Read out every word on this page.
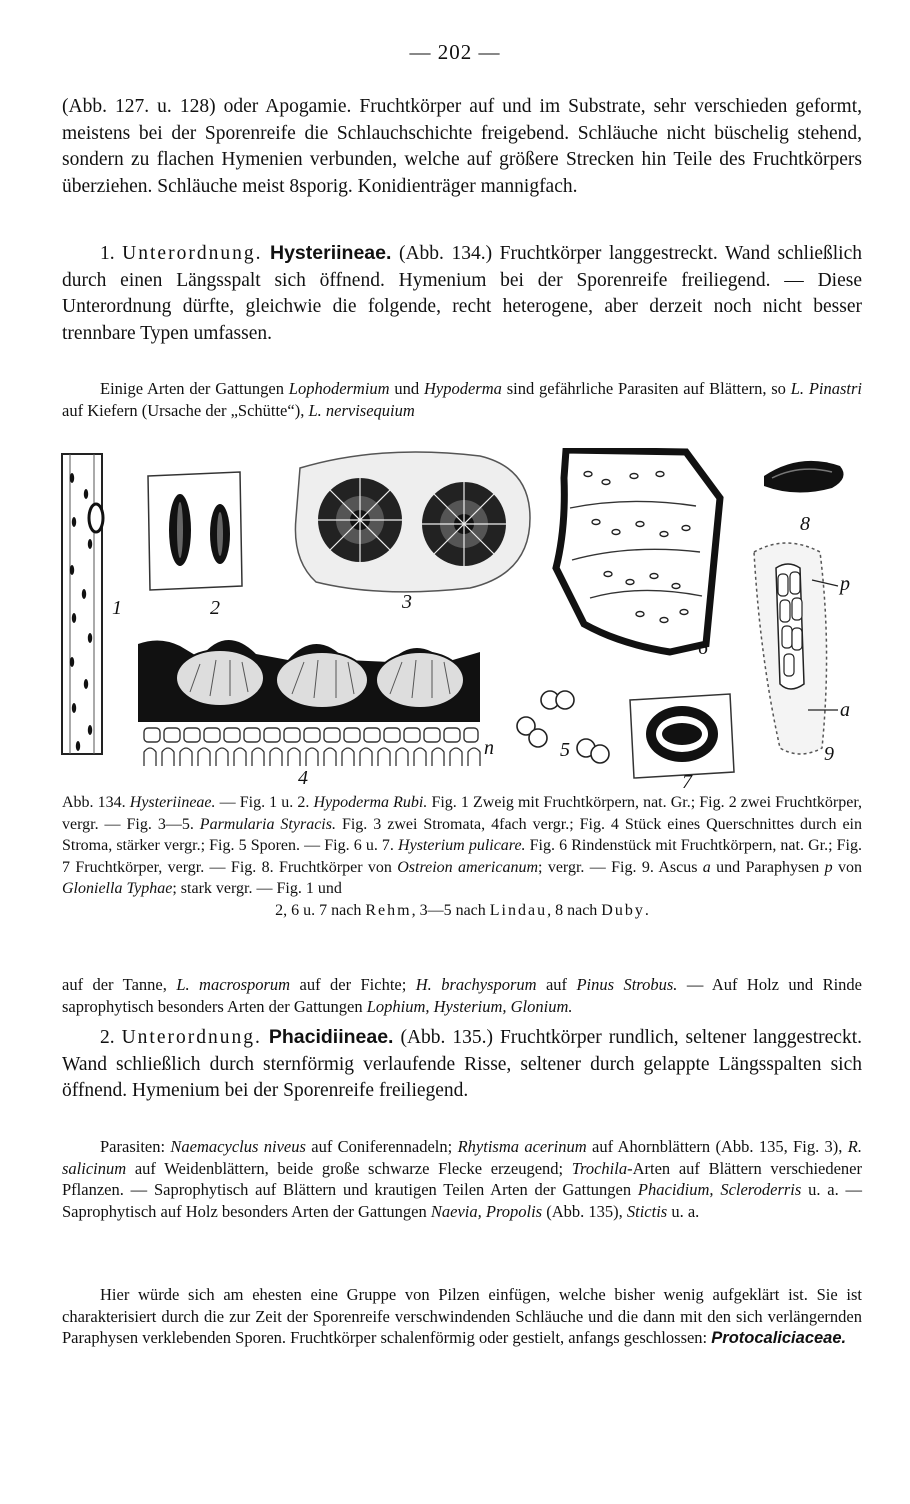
— 202 —

(Abb. 127. u. 128) oder Apogamie. Fruchtkörper auf und im Substrate, sehr verschieden geformt, meistens bei der Sporenreife die Schlauchschichte freigebend. Schläuche nicht büschelig stehend, sondern zu flachen Hymenien verbunden, welche auf größere Strecken hin Teile des Fruchtkörpers überziehen. Schläuche meist 8sporig. Konidienträger mannigfach.

1. Unterordnung. Hysteriineae. (Abb. 134.) Fruchtkörper langgestreckt. Wand schließlich durch einen Längsspalt sich öffnend. Hymenium bei der Sporenreife freiliegend. — Diese Unterordnung dürfte, gleichwie die folgende, recht heterogene, aber derzeit noch nicht besser trennbare Typen umfassen.

Einige Arten der Gattungen Lophodermium und Hypoderma sind gefährliche Parasiten auf Blättern, so L. Pinastri auf Kiefern (Ursache der „Schütte“), L. nervisequium

1	2	3
n
4
5
6
7
8
p
a
9

Abb. 134. Hysteriineae. — Fig. 1 u. 2. Hypoderma Rubi. Fig. 1 Zweig mit Fruchtkörpern, nat. Gr.; Fig. 2 zwei Fruchtkörper, vergr. — Fig. 3—5. Parmularia Styracis. Fig. 3 zwei Stromata, 4fach vergr.; Fig. 4 Stück eines Querschnittes durch ein Stroma, stärker vergr.; Fig. 5 Sporen. — Fig. 6 u. 7. Hysterium pulicare. Fig. 6 Rindenstück mit Fruchtkörpern, nat. Gr.; Fig. 7 Fruchtkörper, vergr. — Fig. 8. Fruchtkörper von Ostreion americanum; vergr. — Fig. 9. Ascus a und Paraphysen p von Gloniella Typhae; stark vergr. — Fig. 1 und

2, 6 u. 7 nach Rehm, 3—5 nach Lindau, 8 nach Duby.

auf der Tanne, L. macrosporum auf der Fichte; H. brachysporum auf Pinus Strobus. — Auf Holz und Rinde saprophytisch besonders Arten der Gattungen Lophium, Hysterium, Glonium.

2. Unterordnung. Phacidiineae. (Abb. 135.) Fruchtkörper rundlich, seltener langgestreckt. Wand schließlich durch sternförmig verlaufende Risse, seltener durch gelappte Längsspalten sich öffnend. Hymenium bei der Sporenreife freiliegend.

Parasiten: Naemacyclus niveus auf Coniferennadeln; Rhytisma acerinum auf Ahornblättern (Abb. 135, Fig. 3), R. salicinum auf Weidenblättern, beide große schwarze Flecke erzeugend; Trochila-Arten auf Blättern verschiedener Pflanzen. — Saprophytisch auf Blättern und krautigen Teilen Arten der Gattungen Phacidium, Scleroderris u. a. — Saprophytisch auf Holz besonders Arten der Gattungen Naevia, Propolis (Abb. 135), Stictis u. a.

Hier würde sich am ehesten eine Gruppe von Pilzen einfügen, welche bisher wenig aufgeklärt ist. Sie ist charakterisiert durch die zur Zeit der Sporenreife verschwindenden Schläuche und die dann mit den sich verlängernden Paraphysen verklebenden Sporen. Fruchtkörper schalenförmig oder gestielt, anfangs geschlossen: Protocaliciaceae.
